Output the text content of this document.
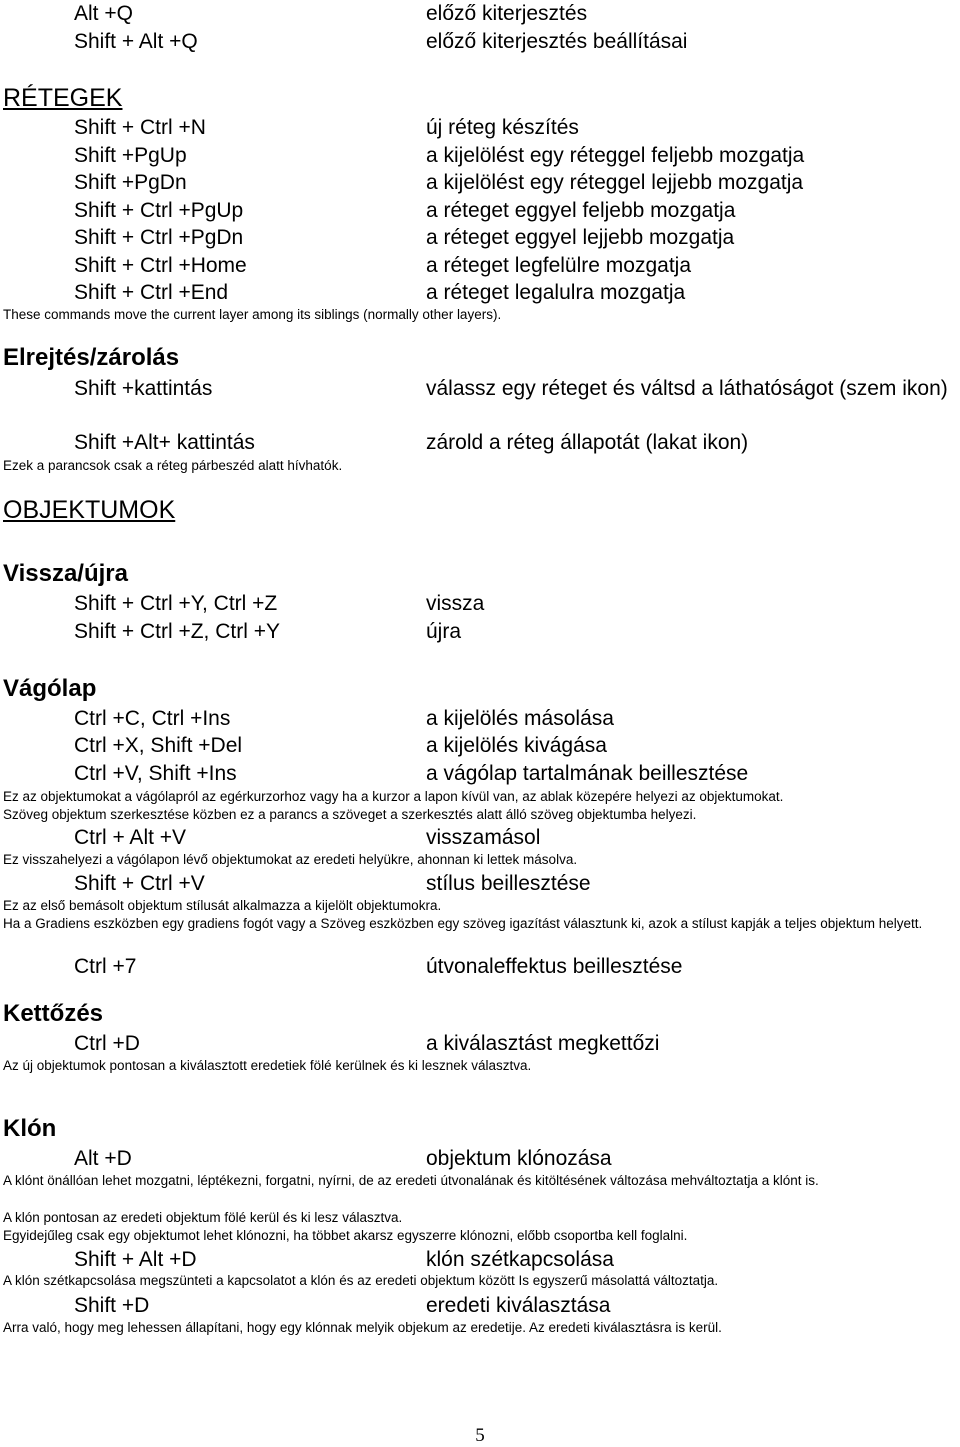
Alt +Q	előző kiterjesztés
Shift + Alt +Q	előző kiterjesztés beállításai
RÉTEGEK
Shift + Ctrl +N	új réteg készítés
Shift +PgUp	a kijelölést egy réteggel feljebb mozgatja
Shift +PgDn	a kijelölést egy réteggel lejjebb mozgatja
Shift + Ctrl +PgUp	a réteget eggyel feljebb mozgatja
Shift + Ctrl +PgDn	a réteget eggyel lejjebb mozgatja
Shift + Ctrl +Home	a réteget legfelülre mozgatja
Shift + Ctrl +End	a réteget legalulra mozgatja
These commands move the current layer among its siblings (normally other layers).
Elrejtés/zárolás
Shift +kattintás	válassz egy réteget és váltsd a láthatóságot (szem ikon)
Shift +Alt+ kattintás	zárold a réteg állapotát (lakat ikon)
Ezek a parancsok csak a réteg párbeszéd alatt hívhatók.
OBJEKTUMOK
Vissza/újra
Shift + Ctrl +Y, Ctrl +Z	vissza
Shift + Ctrl +Z, Ctrl +Y	újra
Vágólap
Ctrl +C, Ctrl +Ins	a kijelölés másolása
Ctrl +X, Shift +Del	a kijelölés kivágása
Ctrl +V, Shift +Ins	a vágólap tartalmának beillesztése
Ez az objektumokat a vágólapról az egérkurzorhoz vagy ha a kurzor a lapon kívül van, az ablak közepére helyezi az objektumokat.
Szöveg objektum szerkesztése közben ez a parancs a szöveget a szerkesztés alatt álló szöveg objektumba helyezi.
Ctrl + Alt +V	visszamásol
Ez visszahelyezi a vágólapon lévő objektumokat az eredeti helyükre, ahonnan ki lettek másolva.
Shift + Ctrl +V	stílus beillesztése
Ez az első bemásolt objektum stílusát alkalmazza a kijelölt objektumokra.
Ha a Gradiens eszközben egy gradiens fogót vagy a Szöveg eszközben egy szöveg igazítást választunk ki, azok a stílust kapják a teljes objektum helyett.
Ctrl +7	útvonaleffektus beillesztése
Kettőzés
Ctrl +D	a kiválasztást megkettőzi
Az új objektumok pontosan a kiválasztott eredetiek fölé kerülnek és ki lesznek választva.
Klón
Alt +D	objektum klónozása
A klónt önállóan lehet mozgatni, léptékezni, forgatni, nyírni, de az eredeti útvonalának és kitöltésének változása mehváltoztatja a klónt is.
A klón pontosan az eredeti objektum fölé kerül és ki lesz választva.
Egyidejűleg csak egy objektumot lehet klónozni, ha többet akarsz egyszerre klónozni, előbb csoportba kell foglalni.
Shift + Alt +D	klón szétkapcsolása
A klón szétkapcsolása megszünteti a kapcsolatot a klón és az eredeti objektum között Is egyszerű másolattá változtatja.
Shift +D	eredeti kiválasztása
Arra való, hogy meg lehessen állapítani, hogy egy klónnak melyik objekum az eredetije. Az eredeti kiválasztásra is kerül.
5
